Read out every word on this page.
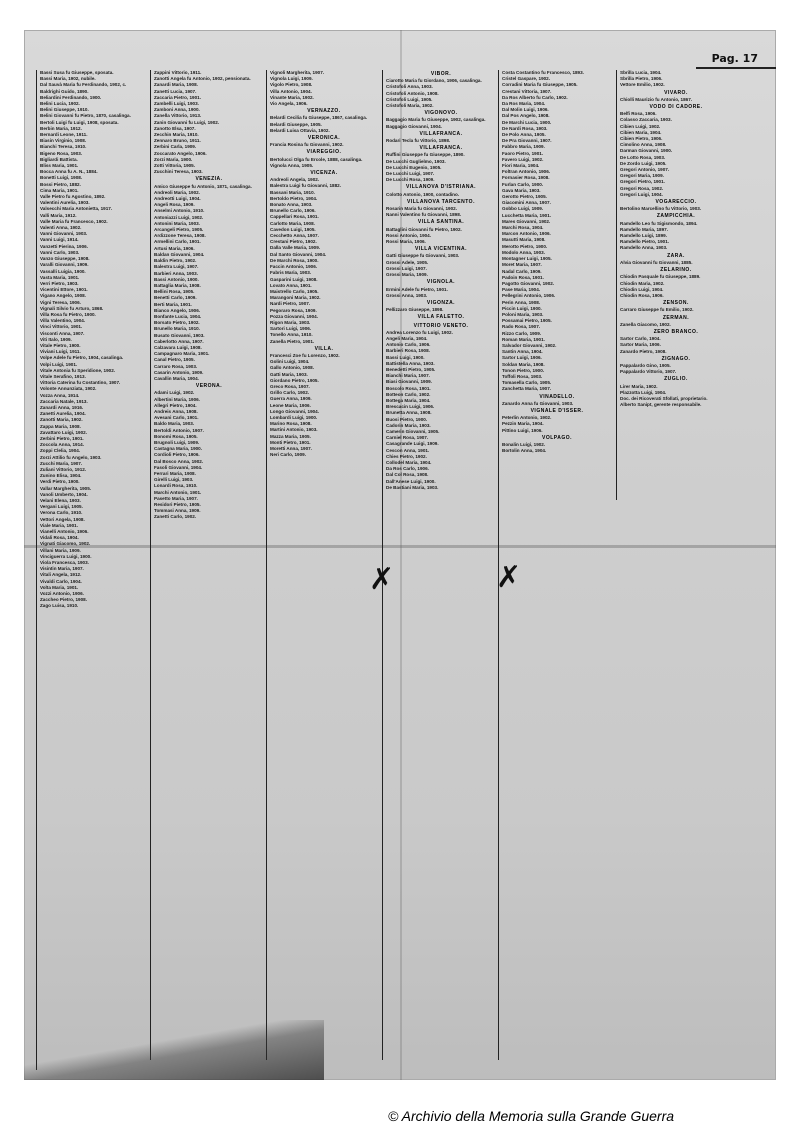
Pag. 17
Bassi Susa fu Giuseppe, sposata.
Bassi Maria, 1902, nubile.
Dal Sauvà Maria fu Ferdinando, 1902, c.
Baldrighi Guido, 1890.
Beliardini Ferdinando, 1900.
Belini Lucia, 1902.
Belini Giuseppe, 1910.
Belini Giovanni fu Pietro, 1870, casalinga.
Bertoli Luigi fu Luigi, 1908, sposata.
Berbin Maria, 1912.
Bernardi Leone, 1911.
Biasin Virginio, 1908.
Bianchi Teresa, 1910.
Bigeno Rosa, 1903.
Bigliardi Battista.
Bliss Maria, 1901.
Bocca Anna fu A. N., 1884.
Bonetti Luigi, 1908.
Bossi Pietro, 1882.
Cima Maria, 1901.
Valle Pietro fu Agostino, 1892.
Valentini Aurelia, 1903.
Valsecchi Maria Antonietta, 1917.
Valli Maria, 1912.
Valle Maria fu Francesco, 1902.
Valenti Anna, 1902.
Vanni Giovanni, 1903.
Vanni Luigi, 1914.
Vanzetti Pierina, 1906.
Vanni Carlo, 1903.
Vanzo Giuseppe, 1908.
Varalli Giovanni, 1909.
Vassalli Luigia, 1900.
Vasta Maria, 1901.
Verri Pietro, 1903.
Vicentini Ettore, 1901.
Vigano Angelo, 1908.
Vigni Teresa, 1906.
Vignali Silvio fu Arturo, 1868.
Villa Rosa fu Pietro, 1900.
Villa Valentino, 1904.
Vinci Vittorio, 1901.
Visconti Anna, 1907.
Viti Italo, 1909.
Vitale Pietro, 1900.
Viviani Luigi, 1911.
Volpe Adele fu Pietro, 1904, casalinga.
Volpi Luigi, 1901.
Vitale Antonia fu Speridione, 1902.
Vitale Serafino, 1913.
Vittoria Caterina fu Costantino, 1907.
Volonte Annunziata, 1902.
Vozza Anna, 1914.
Zaccaria Natale, 1913.
Zanardi Anna, 1916.
Zanetti Aurelia, 1904.
Zanotti Maria, 1902.
Zappa Maria, 1908.
Zavattaro Luigi, 1902.
Zerbini Pietro, 1901.
Zoccola Anna, 1914.
Zoppi Clelia, 1904.
Zorzi Attilio fu Angelo, 1903.
Zucchi Maria, 1907.
Zuliani Vittorio, 1912.
Zunino Elisa, 1904.
Verdi Pietro, 1900.
Vallar Margherita, 1905.
Vanoli Umberto, 1904.
Velani Elena, 1903.
Vergani Luigi, 1905.
Verona Carlo, 1910.
Vettori Angela, 1908.
Viale Maria, 1901.
Vianelli Antonio, 1906.
Vidali Rosa, 1904.
Vignati Giacomo, 1902.
Villani Maria, 1909.
Vinciguerra Luigi, 1900.
Viola Francesca, 1903.
Visintin Maria, 1907.
Vitali Angela, 1912.
Vivaldi Carlo, 1904.
Volta Maria, 1901.
Vozzi Antonio, 1906.
Zaccheo Pietro, 1908.
Zago Luisa, 1910.
Zappini Vittorio, 1911.
Zanotti Angela fu Antonio, 1902, pensionata.
Zanardi Maria, 1908.
Zanetti Lucia, 1907.
Zaccaria Pietro, 1901.
Zambelli Luigi, 1903.
Zamboni Anna, 1900.
Zanella Vittorio, 1913.
Zanin Giovanni fu Luigi, 1902.
Zanotto Elsa, 1907.
Zecchin Maria, 1910.
Zennaro Bruno, 1911.
Zerbini Carla, 1909.
Zoccarato Angelo, 1906.
Zorzi Maria, 1900.
Zotti Vittoria, 1905.
Zucchini Teresa, 1903.
VENEZIA.
Amico Giuseppe fu Antonio, 1871, casalinga.
Andreoli Maria, 1902.
Andreotti Luigi, 1904.
Angeli Rosa, 1909.
Anselmi Antonio, 1910.
Antoniazzi Luigi, 1902.
Antonini Maria, 1903.
Arcangeli Pietro, 1905.
Ardizzone Teresa, 1908.
Armellini Carlo, 1901.
Artusi Maria, 1906.
Baldan Giovanni, 1904.
Baldin Pietro, 1902.
Balestra Luigi, 1907.
Barbieri Anna, 1903.
Bassi Antonio, 1900.
Battaglia Maria, 1908.
Bellini Rosa, 1905.
Benetti Carlo, 1909.
Berti Maria, 1901.
Bianco Angelo, 1906.
Bonfante Lucia, 1904.
Borsato Pietro, 1902.
Brunello Maria, 1910.
Busato Giovanni, 1903.
Caberlotto Anna, 1907.
Calzavara Luigi, 1908.
Campagnaro Maria, 1901.
Canal Pietro, 1905.
Carraro Rosa, 1903.
Casarin Antonio, 1909.
Cavallin Maria, 1904.
VERONA.
Adami Luigi, 1902.
Albertini Maria, 1906.
Allegri Pietro, 1904.
Andreis Anna, 1908.
Avesani Carlo, 1901.
Baldo Maria, 1903.
Bertoldi Antonio, 1907.
Bonomi Rosa, 1905.
Brugnoli Luigi, 1909.
Castagna Maria, 1900.
Cordioli Pietro, 1906.
Dal Bosco Anna, 1902.
Fasoli Giovanni, 1904.
Ferrari Maria, 1908.
Girelli Luigi, 1903.
Lonardi Rosa, 1910.
Marchi Antonio, 1901.
Pasetto Maria, 1907.
Residori Pietro, 1905.
Tommasi Anna, 1909.
Zanetti Carlo, 1902.
Vignoli Margherita, 1907.
Vignola Luigi, 1909.
Vigolo Pietro, 1908.
Villa Antonio, 1904.
Vinante Maria, 1902.
Vio Angela, 1906.
VERNAZZO.
Belardi Cecilia fu Giuseppe, 1867, casalinga.
Belardi Giuseppe, 1905.
Belardi Luisa Ottavia, 1902.
VERONICA.
Francia Rosina fu Giovanni, 1902.
VIAREGGIO.
Bertolucci Olga fu Ercole, 1888, casalinga.
Vignola Anna, 1905.
VICENZA.
Andreoli Angela, 1902.
Balestra Luigi fu Giovanni, 1882.
Bassani Maria, 1910.
Bertoldo Pietro, 1904.
Bonato Anna, 1903.
Brunello Carlo, 1906.
Cappellari Rosa, 1901.
Carlotto Maria, 1908.
Cavedon Luigi, 1905.
Cecchetto Anna, 1907.
Crestani Pietro, 1902.
Dalla Valle Maria, 1909.
Dal Santo Giovanni, 1904.
De Marchi Rosa, 1900.
Faccin Antonio, 1906.
Fabris Maria, 1903.
Gasparini Luigi, 1908.
Lovato Anna, 1901.
Maistrello Carlo, 1905.
Marangoni Maria, 1902.
Nardi Pietro, 1907.
Pegoraro Rosa, 1909.
Pozza Giovanni, 1904.
Rigon Maria, 1903.
Sartori Luigi, 1906.
Tonello Anna, 1910.
Zanella Pietro, 1901.
VILLA.
Francesci Zoe fu Lorenzo, 1902.
Golini Luigi, 1904.
Gallo Antonio, 1908.
Gatti Maria, 1903.
Giordano Pietro, 1905.
Greco Rosa, 1907.
Grillo Carlo, 1902.
Guerra Anna, 1909.
Leone Maria, 1906.
Longo Giovanni, 1904.
Lombardi Luigi, 1900.
Marino Rosa, 1908.
Martini Antonio, 1903.
Mazza Maria, 1905.
Monti Pietro, 1901.
Moretti Anna, 1907.
Neri Carlo, 1909.
VIBOR.
Ciarotto Maria fu Giordano, 1906, casalinga.
Cristofoli Anna, 1903.
Cristofoli Antonio, 1908.
Cristofoli Luigi, 1905.
Cristofoli Maria, 1902.
VIGONOVO.
Baggagio Maria fu Giuseppe, 1902, casalinga.
Baggagio Giovanni, 1904.
VILLAFRANCA.
Rodari Tecla fu Vittorio, 1898.
VILLAFRANCA.
Ruffini Giuseppe fu Giuseppe, 1890.
De Lucchi Guglielmo, 1903.
De Lucchi Eugenio, 1905.
De Lucchi Luigi, 1907.
De Lucchi Rosa, 1909.
VILLANOVA D'ISTRIANA.
Colotto Antonio, 1900, contadino.
VILLANOVA TARCENTO.
Rosarin Maria fu Giovanni, 1902.
Nanni Valentino fu Giovanni, 1898.
VILLA SANTINA.
Battaglini Giovanni fu Pietro, 1902.
Rossi Antonio, 1904.
Rossi Maria, 1906.
VILLA VICENTINA.
Gatti Giuseppe fu Giovanni, 1903.
Grossi Adele, 1905.
Grossi Luigi, 1907.
Grossi Maria, 1909.
VIGNOLA.
Ermini Adele fu Pietro, 1901.
Grossi Anna, 1903.
VIGONZA.
Pellizzaro Giuseppe, 1898.
VILLA FALETTO.
VITTORIO VENETO.
Andrea Lorenzo fu Luigi, 1902.
Angeli Maria, 1904.
Antonio Carlo, 1906.
Barbieri Rosa, 1908.
Bassi Luigi, 1900.
Battistella Anna, 1903.
Benedetti Pietro, 1905.
Bianchi Maria, 1907.
Biasi Giovanni, 1909.
Boscolo Rosa, 1901.
Botteon Carlo, 1902.
Bottega Maria, 1904.
Brescacin Luigi, 1906.
Brunetta Anna, 1908.
Buosi Pietro, 1900.
Cadorin Maria, 1903.
Camerin Giovanni, 1905.
Carniel Rosa, 1907.
Casagrande Luigi, 1909.
Cescon Anna, 1901.
Chies Pietro, 1902.
Collodel Maria, 1904.
Da Ros Carlo, 1906.
Dal Col Rosa, 1908.
Dall'Anese Luigi, 1900.
De Bastiani Maria, 1903.
Costa Costantino fu Francesco, 1893.
Cristel Gaspare, 1902.
Corradini Maria fu Giuseppe, 1905.
Crestani Vittoria, 1907.
Da Ros Alberto fu Carlo, 1902.
Da Ros Maria, 1904.
Dal Molin Luigi, 1906.
Dal Pos Angelo, 1908.
De Marchi Lucia, 1900.
De Nardi Rosa, 1903.
De Polo Anna, 1905.
De Pra Giovanni, 1907.
Fabbro Maria, 1909.
Faoro Pietro, 1901.
Favero Luigi, 1902.
Fiori Maria, 1904.
Foltran Antonio, 1906.
Fornasier Rosa, 1908.
Furlan Carlo, 1900.
Gava Maria, 1903.
Gerotto Pietro, 1905.
Giacomini Anna, 1907.
Gobbo Luigi, 1909.
Lucchetta Maria, 1901.
Mares Giovanni, 1902.
Marchi Rosa, 1904.
Marcon Antonio, 1906.
Masutti Maria, 1908.
Merotto Pietro, 1900.
Modolo Anna, 1903.
Montagner Luigi, 1905.
Moret Maria, 1907.
Nadal Carlo, 1909.
Padoin Rosa, 1901.
Pagotto Giovanni, 1902.
Pase Maria, 1904.
Pellegrini Antonio, 1906.
Perin Anna, 1908.
Piccin Luigi, 1900.
Poloni Maria, 1903.
Possamai Pietro, 1905.
Rado Rosa, 1907.
Rizzo Carlo, 1909.
Roman Maria, 1901.
Salvador Giovanni, 1902.
Santin Anna, 1904.
Sartor Luigi, 1906.
Soldan Maria, 1908.
Tonon Pietro, 1900.
Toffoli Rosa, 1903.
Tomasella Carlo, 1905.
Zanchetta Maria, 1907.
VINADELLO.
Zanardo Anna fu Giovanni, 1903.
VIGNALE D'ISSER.
Peterlin Antonio, 1902.
Pezzin Maria, 1904.
Pittino Luigi, 1906.
VOLPAGO.
Bonalin Luigi, 1902.
Bortolin Anna, 1904.
Sbrilla Lucia, 1904.
Sbrilla Pietro, 1906.
Vettore Emilio, 1902.
VIVARO.
Chiolli Maurizio fu Antonio, 1867.
VODO DI CADORE.
Belfi Rosa, 1906.
Colasso Zaccaria, 1903.
Cibien Luigi, 1902.
Cibien Maria, 1904.
Cibien Pietro, 1906.
Cimolino Anna, 1908.
Darman Giovanni, 1900.
De Lotto Rosa, 1903.
De Zordo Luigi, 1905.
Gregori Antonio, 1907.
Gregori Maria, 1909.
Gregori Pietro, 1901.
Gregori Rosa, 1902.
Gregori Luigi, 1904.
VOGARECCIO.
Bertolino Marcellino fu Vittorio, 1903.
ZAMPICCHIA.
Ramdello Leo fu Sigismondo, 1894.
Ramdello Maria, 1897.
Ramdello Luigi, 1899.
Ramdello Pietro, 1901.
Ramdello Anna, 1903.
ZARA.
Alvia Giovanni fu Giovanni, 1885.
ZELARINO.
Chiodin Pasquale fu Giuseppe, 1889.
Chiodin Maria, 1902.
Chiodin Luigi, 1904.
Chiodin Rosa, 1906.
ZENSON.
Carraro Giuseppe fu Emilio, 1902.
ZERMAN.
Zanella Giacomo, 1902.
ZERO BRANCO.
Sartor Carlo, 1904.
Sartor Maria, 1906.
Zanardo Pietro, 1908.
ZIGNAGO.
Pappalardo Gino, 1905.
Pappalardo Vittorio, 1907.
ZUGLIO.
Lirer Maria, 1902.
Plazzotta Luigi, 1904.
Doc. dei Ricoverati Sfollati, proprietario.
Alberto Sanipt, gerente responsabile.
✗	✗
© Archivio della Memoria sulla Grande Guerra
